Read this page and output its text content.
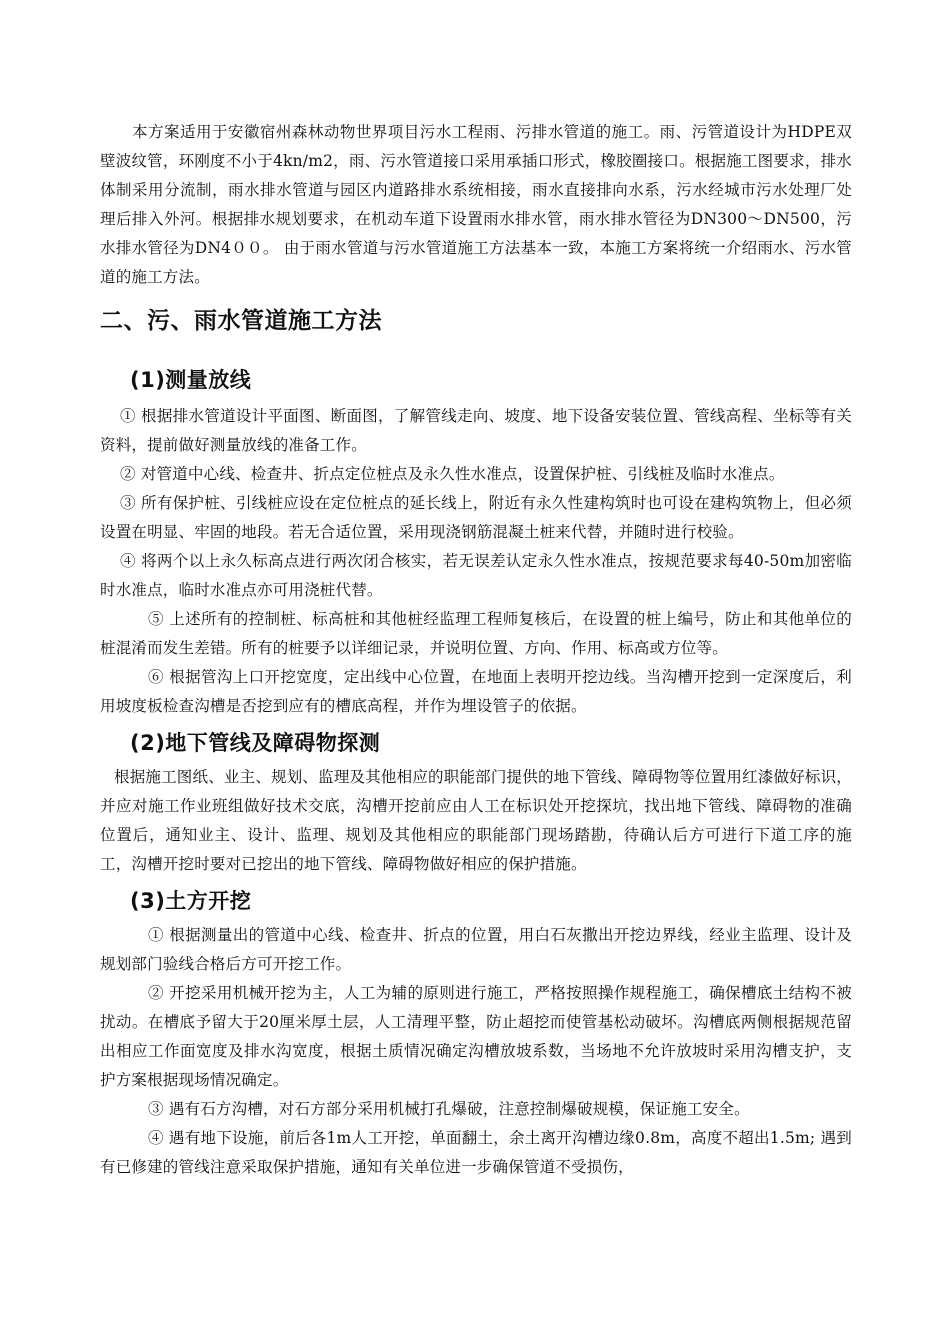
本方案适用于安徽宿州森林动物世界项目污水工程雨、污排水管道的施工。雨、污管道设计为HDPE双壁波纹管，环刚度不小于4kn/m2，雨、污水管道接口采用承插口形式，橡胶圈接口。根据施工图要求，排水体制采用分流制，雨水排水管道与园区内道路排水系统相接，雨水直接排向水系，污水经城市污水处理厂处理后排入外河。根据排水规划要求，在机动车道下设置雨水排水管，雨水排水管径为DN300～DN500，污水排水管径为DN4００。 由于雨水管道与污水管道施工方法基本一致，本施工方案将统一介绍雨水、污水管道的施工方法。

二、污、雨水管道施工方法
(1)测量放线

① 根据排水管道设计平面图、断面图，了解管线走向、坡度、地下设备安装位置、管线高程、坐标等有关资料，提前做好测量放线的准备工作。

② 对管道中心线、检查井、折点定位桩点及永久性水准点，设置保护桩、引线桩及临时水准点。

③ 所有保护桩、引线桩应设在定位桩点的延长线上，附近有永久性建构筑时也可设在建构筑物上，但必须设置在明显、牢固的地段。若无合适位置，采用现浇钢筋混凝土桩来代替，并随时进行校验。

④ 将两个以上永久标高点进行两次闭合核实，若无误差认定永久性水准点，按规范要求每40-50m加密临时水准点，临时水准点亦可用浇桩代替。

⑤ 上述所有的控制桩、标高桩和其他桩经监理工程师复核后，在设置的桩上编号，防止和其他单位的桩混淆而发生差错。所有的桩要予以详细记录，并说明位置、方向、作用、标高或方位等。

⑥ 根据管沟上口开挖宽度，定出线中心位置，在地面上表明开挖边线。当沟槽开挖到一定深度后，利用坡度板检查沟槽是否挖到应有的槽底高程，并作为埋设管子的依据。

(2)地下管线及障碍物探测

根据施工图纸、业主、规划、监理及其他相应的职能部门提供的地下管线、障碍物等位置用红漆做好标识，并应对施工作业班组做好技术交底，沟槽开挖前应由人工在标识处开挖探坑，找出地下管线、障碍物的准确位置后，通知业主、设计、监理、规划及其他相应的职能部门现场踏勘，待确认后方可进行下道工序的施工，沟槽开挖时要对已挖出的地下管线、障碍物做好相应的保护措施。

(3)土方开挖

① 根据测量出的管道中心线、检查井、折点的位置，用白石灰撒出开挖边界线，经业主监理、设计及规划部门验线合格后方可开挖工作。

② 开挖采用机械开挖为主，人工为辅的原则进行施工，严格按照操作规程施工，确保槽底土结构不被扰动。在槽底予留大于20厘米厚土层，人工清理平整，防止超挖而使管基松动破坏。沟槽底两侧根据规范留出相应工作面宽度及排水沟宽度，根据土质情况确定沟槽放坡系数，当场地不允许放坡时采用沟槽支护，支护方案根据现场情况确定。

③ 遇有石方沟槽，对石方部分采用机械打孔爆破，注意控制爆破规模，保证施工安全。

④ 遇有地下设施，前后各1m人工开挖，单面翻土，余土离开沟槽边缘0.8m，高度不超出1.5m; 遇到有已修建的管线注意采取保护措施，通知有关单位进一步确保管道不受损伤，
